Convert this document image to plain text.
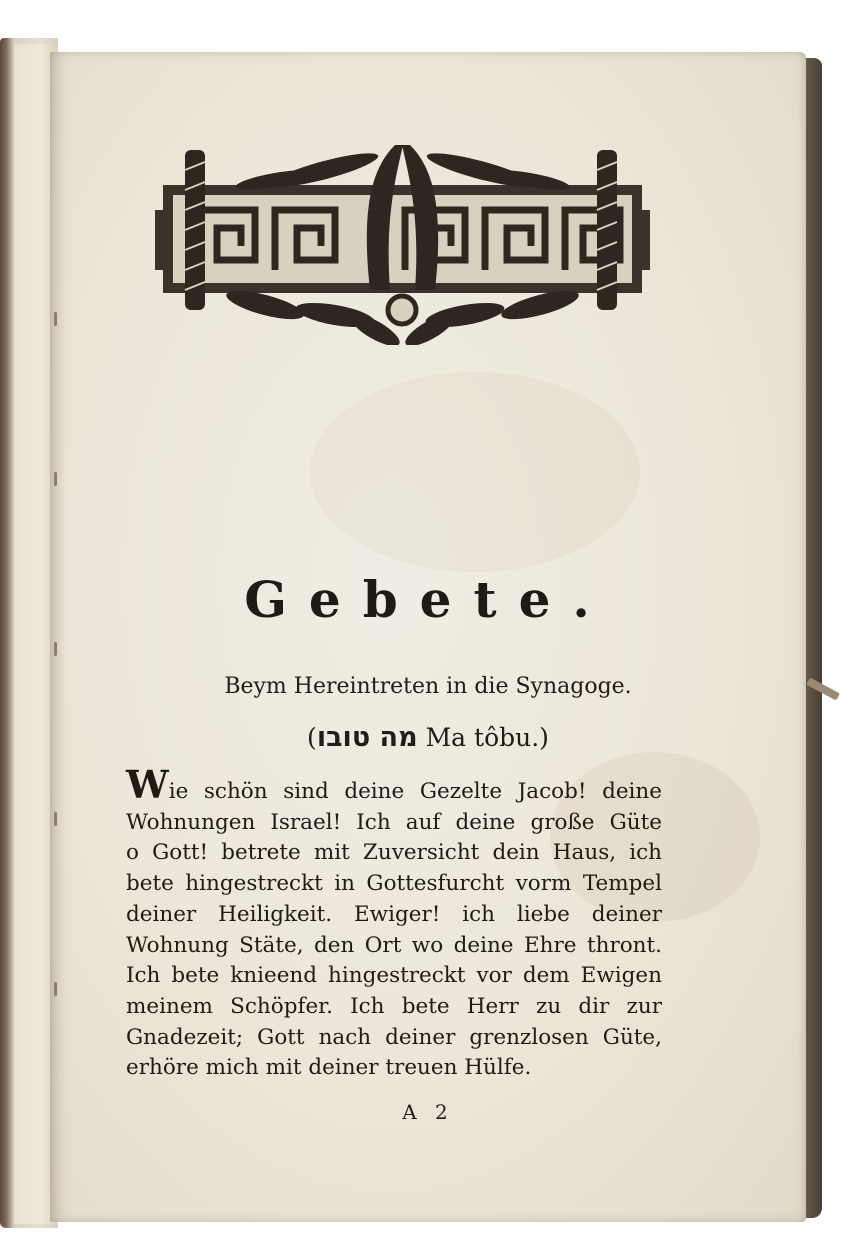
Gebete.
Beym Hereintreten in die Synagoge.
(מה טובו Ma tôbu.)
Wie schön sind deine Gezelte Jacob! deine
Wohnungen Israel! Ich auf deine große Güte
o Gott! betrete mit Zuversicht dein Haus, ich
bete hingestreckt in Gottesfurcht vorm Tempel
deiner Heiligkeit. Ewiger! ich liebe deiner
Wohnung Stäte, den Ort wo deine Ehre thront.
Ich bete knieend hingestreckt vor dem Ewigen
meinem Schöpfer. Ich bete Herr zu dir zur
Gnadezeit; Gott nach deiner grenzlosen Güte,
erhöre mich mit deiner treuen Hülfe.
A 2
